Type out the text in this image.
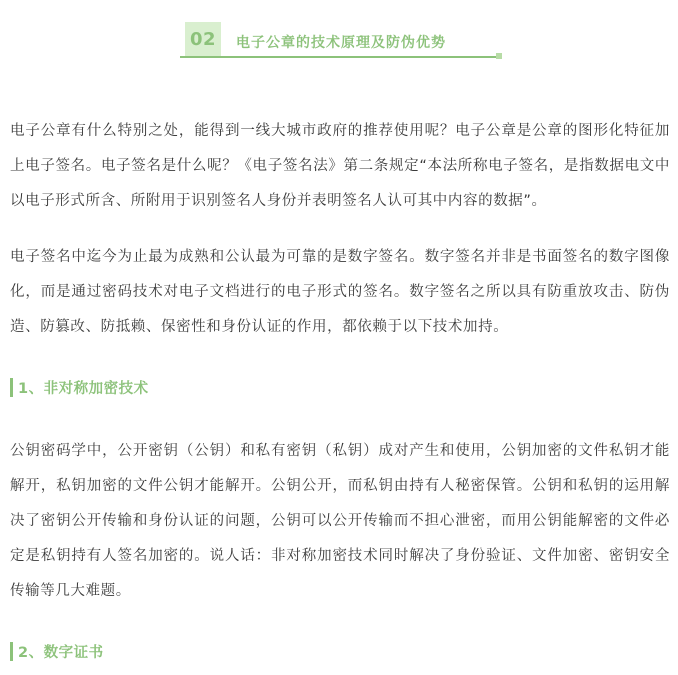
02	电子公章的技术原理及防伪优势

电子公章有什么特别之处，能得到一线大城市政府的推荐使用呢？电子公章是公章的图形化特征加上电子签名。电子签名是什么呢？《电子签名法》第二条规定“本法所称电子签名，是指数据电文中以电子形式所含、所附用于识别签名人身份并表明签名人认可其中内容的数据”。

电子签名中迄今为止最为成熟和公认最为可靠的是数字签名。数字签名并非是书面签名的数字图像化，而是通过密码技术对电子文档进行的电子形式的签名。数字签名之所以具有防重放攻击、防伪造、防篡改、防抵赖、保密性和身份认证的作用，都依赖于以下技术加持。

1、非对称加密技术

公钥密码学中，公开密钥（公钥）和私有密钥（私钥）成对产生和使用，公钥加密的文件私钥才能解开，私钥加密的文件公钥才能解开。公钥公开，而私钥由持有人秘密保管。公钥和私钥的运用解决了密钥公开传输和身份认证的问题，公钥可以公开传输而不担心泄密，而用公钥能解密的文件必定是私钥持有人签名加密的。说人话：非对称加密技术同时解决了身份验证、文件加密、密钥安全传输等几大难题。

2、数字证书
